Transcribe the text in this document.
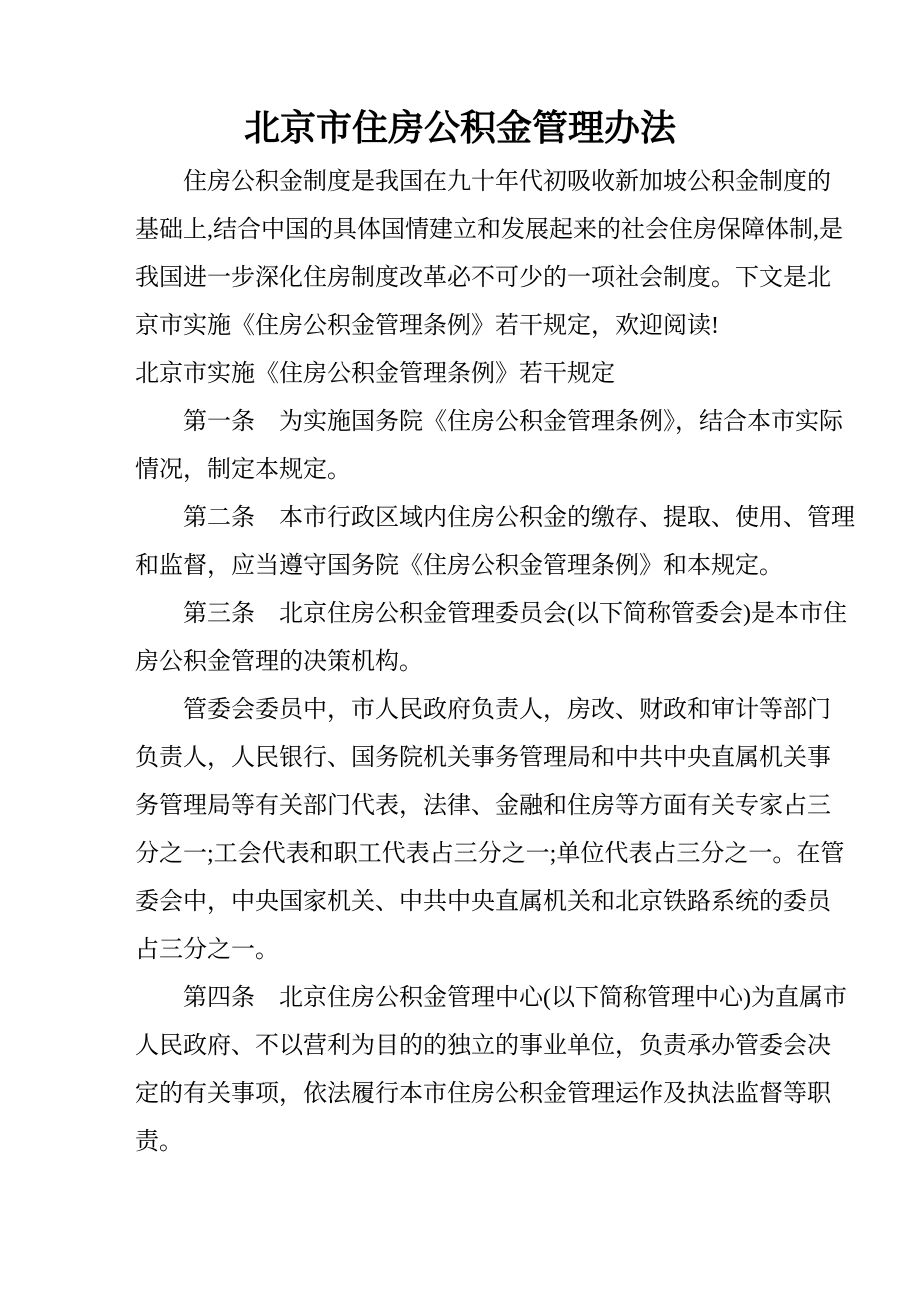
北京市住房公积金管理办法
住房公积金制度是我国在九十年代初吸收新加坡公积金制度的
基础上,结合中国的具体国情建立和发展起来的社会住房保障体制,是
我国进一步深化住房制度改革必不可少的一项社会制度。下文是北
京市实施《住房公积金管理条例》若干规定，欢迎阅读!
北京市实施《住房公积金管理条例》若干规定
第一条　为实施国务院《住房公积金管理条例》，结合本市实际
情况，制定本规定。
第二条　本市行政区域内住房公积金的缴存、提取、使用、管理
和监督，应当遵守国务院《住房公积金管理条例》和本规定。
第三条　北京住房公积金管理委员会(以下简称管委会)是本市住
房公积金管理的决策机构。
管委会委员中，市人民政府负责人，房改、财政和审计等部门
负责人，人民银行、国务院机关事务管理局和中共中央直属机关事
务管理局等有关部门代表，法律、金融和住房等方面有关专家占三
分之一;工会代表和职工代表占三分之一;单位代表占三分之一。在管
委会中，中央国家机关、中共中央直属机关和北京铁路系统的委员
占三分之一。
第四条　北京住房公积金管理中心(以下简称管理中心)为直属市
人民政府、不以营利为目的的独立的事业单位，负责承办管委会决
定的有关事项，依法履行本市住房公积金管理运作及执法监督等职
责。
